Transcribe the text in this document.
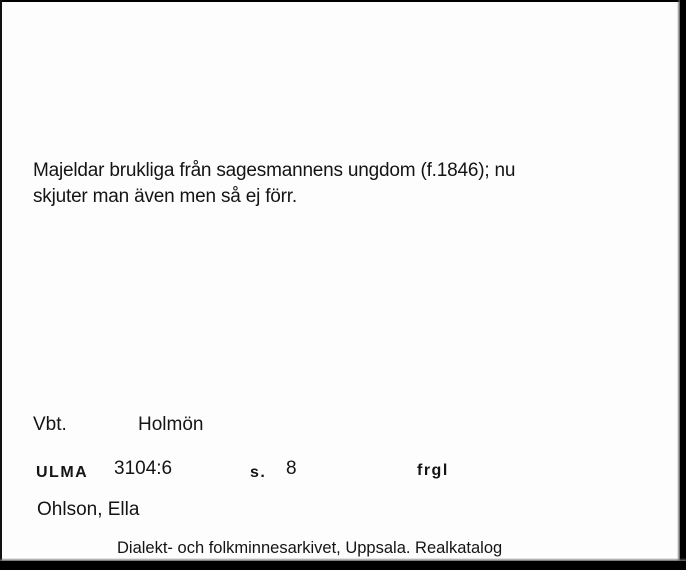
Majeldar brukliga från sagesmannens ungdom (f.1846); nu
skjuter man även men så ej förr.
Vbt.	Holmön
ULMA 3104:6	s. 8	frgl
Ohlson, Ella
Dialekt- och folkminnesarkivet, Uppsala. Realkatalog
